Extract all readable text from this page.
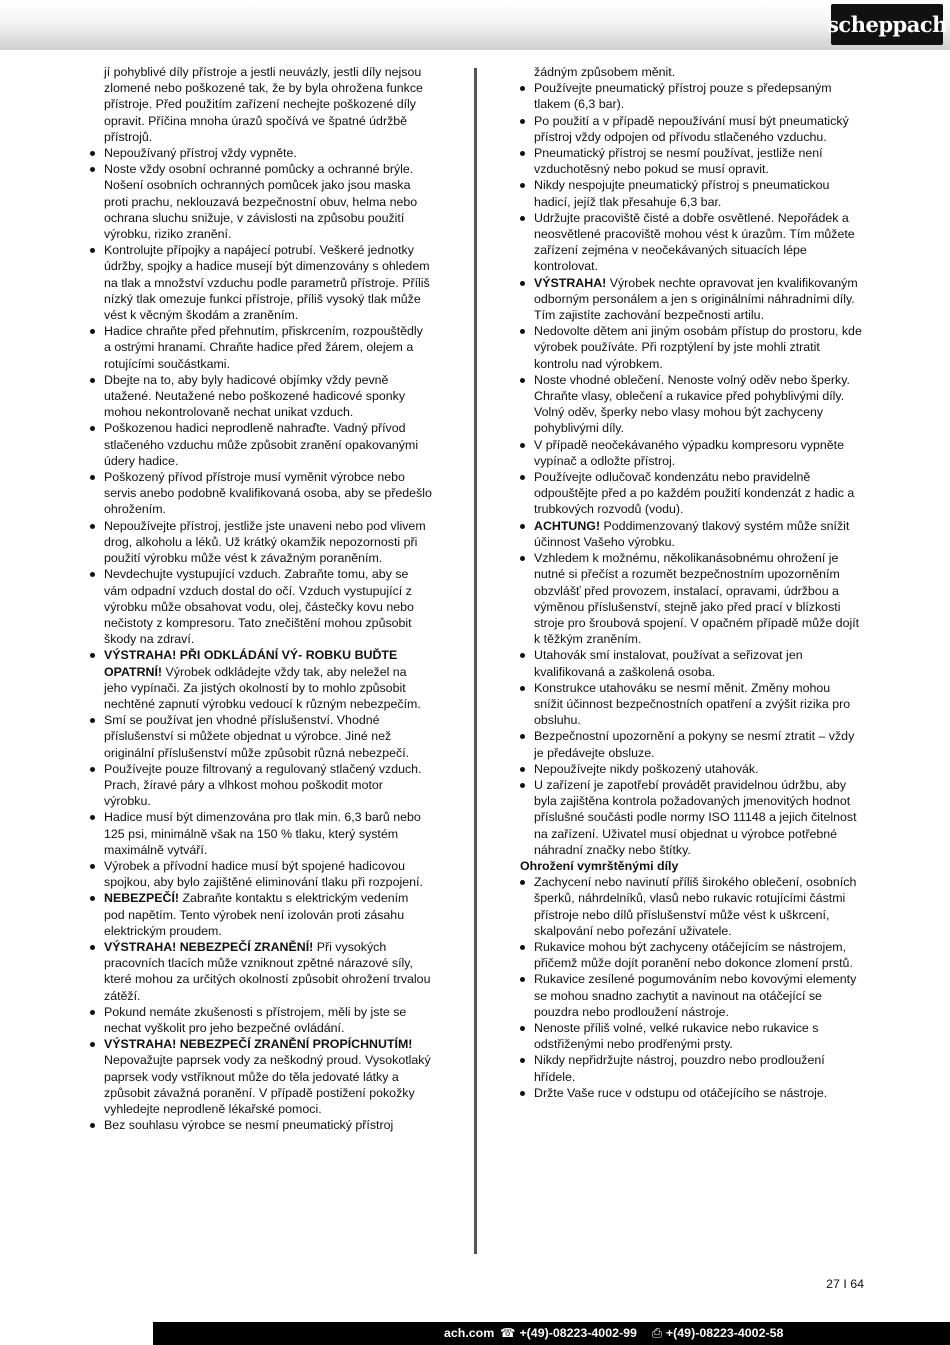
scheppach

jí pohyblivé díly přístroje a jestli neuvázly, jestli díly nejsou zlomené nebo poškozené tak, že by byla ohrožena funkce přístroje. Před použitím zařízení nechejte poškozené díly opravit. Příčina mnoha úrazů spočívá ve špatné údržbě přístrojů.

Nepoužívaný přístroj vždy vypněte.
Noste vždy osobní ochranné pomůcky a ochranné brýle. Nošení osobních ochranných pomůcek jako jsou maska proti prachu, neklouzavá bezpečnostní obuv, helma nebo ochrana sluchu snižuje, v závislosti na způsobu použití výrobku, riziko zranění.
Kontrolujte přípojky a napájecí potrubí. Veškeré jednotky údržby, spojky a hadice musejí být dimenzovány s ohledem na tlak a množství vzduchu podle parametrů přístroje. Příliš nízký tlak omezuje funkci přístroje, příliš vysoký tlak může vést k věcným škodám a zraněním.
Hadice chraňte před přehnutím, přiskrcením, rozpouštědly a ostrými hranami. Chraňte hadice před žárem, olejem a rotujícími součástkami.
Dbejte na to, aby byly hadicové objímky vždy pevně utažené. Neutažené nebo poškozené hadicové sponky mohou nekontrolovaně nechat unikat vzduch.
Poškozenou hadici neprodleně nahraďte. Vadný přívod stlačeného vzduchu může způsobit zranění opakovanými údery hadice.
Poškozený přívod přístroje musí vyměnit výrobce nebo servis anebo podobně kvalifikovaná osoba, aby se předešlo ohrožením.
Nepoužívejte přístroj, jestliže jste unaveni nebo pod vlivem drog, alkoholu a léků. Už krátký okamžik nepozornosti při použití výrobku může vést k závažným poraněním.
Nevdechujte vystupující vzduch. Zabraňte tomu, aby se vám odpadní vzduch dostal do očí. Vzduch vystupující z výrobku může obsahovat vodu, olej, částečky kovu nebo nečistoty z kompresoru. Tato znečištění mohou způsobit škody na zdraví.
VÝSTRAHA! PŘI ODKLÁDÁNÍ VÝ- ROBKU BUĎTE OPATRNÍ! Výrobek odkládejte vždy tak, aby neležel na jeho vypínači. Za jistých okolností by to mohlo způsobit nechtěné zapnutí výrobku vedoucí k různým nebezpečím.
Smí se používat jen vhodné příslušenství. Vhodné příslušenství si můžete objednat u výrobce. Jiné než originální příslušenství může způsobit různá nebezpečí.
Používejte pouze filtrovaný a regulovaný stlačený vzduch. Prach, žíravé páry a vlhkost mohou poškodit motor výrobku.
Hadice musí být dimenzována pro tlak min. 6,3 barů nebo 125 psi, minimálně však na 150 % tlaku, který systém maximálně vytváří.
Výrobek a přívodní hadice musí být spojené hadicovou spojkou, aby bylo zajištěné eliminování tlaku při rozpojení.
NEBEZPEČÍ! Zabraňte kontaktu s elektrickým vedením pod napětím. Tento výrobek není izolován proti zásahu elektrickým proudem.
VÝSTRAHA! NEBEZPEČÍ ZRANĚNÍ! Při vysokých pracovních tlacích může vzniknout zpětné nárazové síly, které mohou za určitých okolností způsobit ohrožení trvalou zátěží.
Pokund nemáte zkušenosti s přístrojem, měli by jste se nechat vyškolit pro jeho bezpečné ovládání.
VÝSTRAHA! NEBEZPEČÍ ZRANĚNÍ PROPÍCHNUTÍM! Nepovažujte paprsek vody za neškodný proud. Vysokotlaký paprsek vody vstříknout může do těla jedovaté látky a způsobit závažná poranění. V případě postižení pokožky vyhledejte neprodleně lékařské pomoci.
Bez souhlasu výrobce se nesmí pneumatický přístroj

žádným způsobem měnit.

Používejte pneumatický přístroj pouze s předepsaným tlakem (6,3 bar).
Po použití a v případě nepoužívání musí být pneumatický přístroj vždy odpojen od přívodu stlačeného vzduchu.
Pneumatický přístroj se nesmí používat, jestliže není vzduchotěsný nebo pokud se musí opravit.
Nikdy nespojujte pneumatický přístroj s pneumatickou hadicí, jejíž tlak přesahuje 6,3 bar.
Udržujte pracoviště čisté a dobře osvětlené. Nepořádek a neosvětlené pracoviště mohou vést k úrazům. Tím můžete zařízení zejména v neočekávaných situacích lépe kontrolovat.
VÝSTRAHA! Výrobek nechte opravovat jen kvalifikovaným odborným personálem a jen s originálními náhradními díly. Tím zajistíte zachování bezpečnosti artilu.
Nedovolte dětem ani jiným osobám přístup do prostoru, kde výrobek používáte. Při rozptýlení by jste mohli ztratit kontrolu nad výrobkem.
Noste vhodné oblečení. Nenoste volný oděv nebo šperky. Chraňte vlasy, oblečení a rukavice před pohyblivými díly. Volný oděv, šperky nebo vlasy mohou být zachyceny pohyblivými díly.
V případě neočekávaného výpadku kompresoru vypněte vypínač a odložte přístroj.
Používejte odlučovač kondenzátu nebo pravidelně odpouštějte před a po každém použití kondenzát z hadic a trubkových rozvodů (vodu).
ACHTUNG! Poddimenzovaný tlakový systém může snížit účinnost Vašeho výrobku.
Vzhledem k možnému, několikanásobnému ohrožení je nutné si přečíst a rozumět bezpečnostním upozorněním obzvlášť před provozem, instalací, opravami, údržbou a výměnou příslušenství, stejně jako před prací v blízkosti stroje pro šroubová spojení. V opačném případě může dojít k těžkým zraněním.
Utahovák smí instalovat, používat a seřizovat jen kvalifikovaná a zaškolená osoba.
Konstrukce utahováku se nesmí měnit. Změny mohou snížit účinnost bezpečnostních opatření a zvýšit rizika pro obsluhu.
Bezpečnostní upozornění a pokyny se nesmí ztratit – vždy je předávejte obsluze.
Nepoužívejte nikdy poškozený utahovák.
U zařízení je zapotřebí provádět pravidelnou údržbu, aby byla zajištěna kontrola požadovaných jmenovitých hodnot příslušné součásti podle normy ISO 11148 a jejich čitelnost na zařízení. Uživatel musí objednat u výrobce potřebné náhradní značky nebo štítky.

Ohrožení vymrštěnými díly

Zachycení nebo navinutí příliš širokého oblečení, osobních šperků, náhrdelníků, vlasů nebo rukavic rotujícími částmi přístroje nebo dílů příslušenství může vést k uškrcení, skalpování nebo pořezání uživatele.
Rukavice mohou být zachyceny otáčejícím se nástrojem, přičemž může dojít poranění nebo dokonce zlomení prstů.
Rukavice zesílené pogumováním nebo kovovými elementy se mohou snadno zachytit a navinout na otáčející se pouzdra nebo prodloužení nástroje.
Nenoste příliš volné, velké rukavice nebo rukavice s odstřiženými nebo prodřenými prsty.
Nikdy nepřidržujte nástroj, pouzdro nebo prodloužení hřídele.
Držte Vaše ruce v odstupu od otáčejícího se nástroje.
27 I 64
ach.com ☎ +(49)-08223-4002-99 ⎙ +(49)-08223-4002-58
